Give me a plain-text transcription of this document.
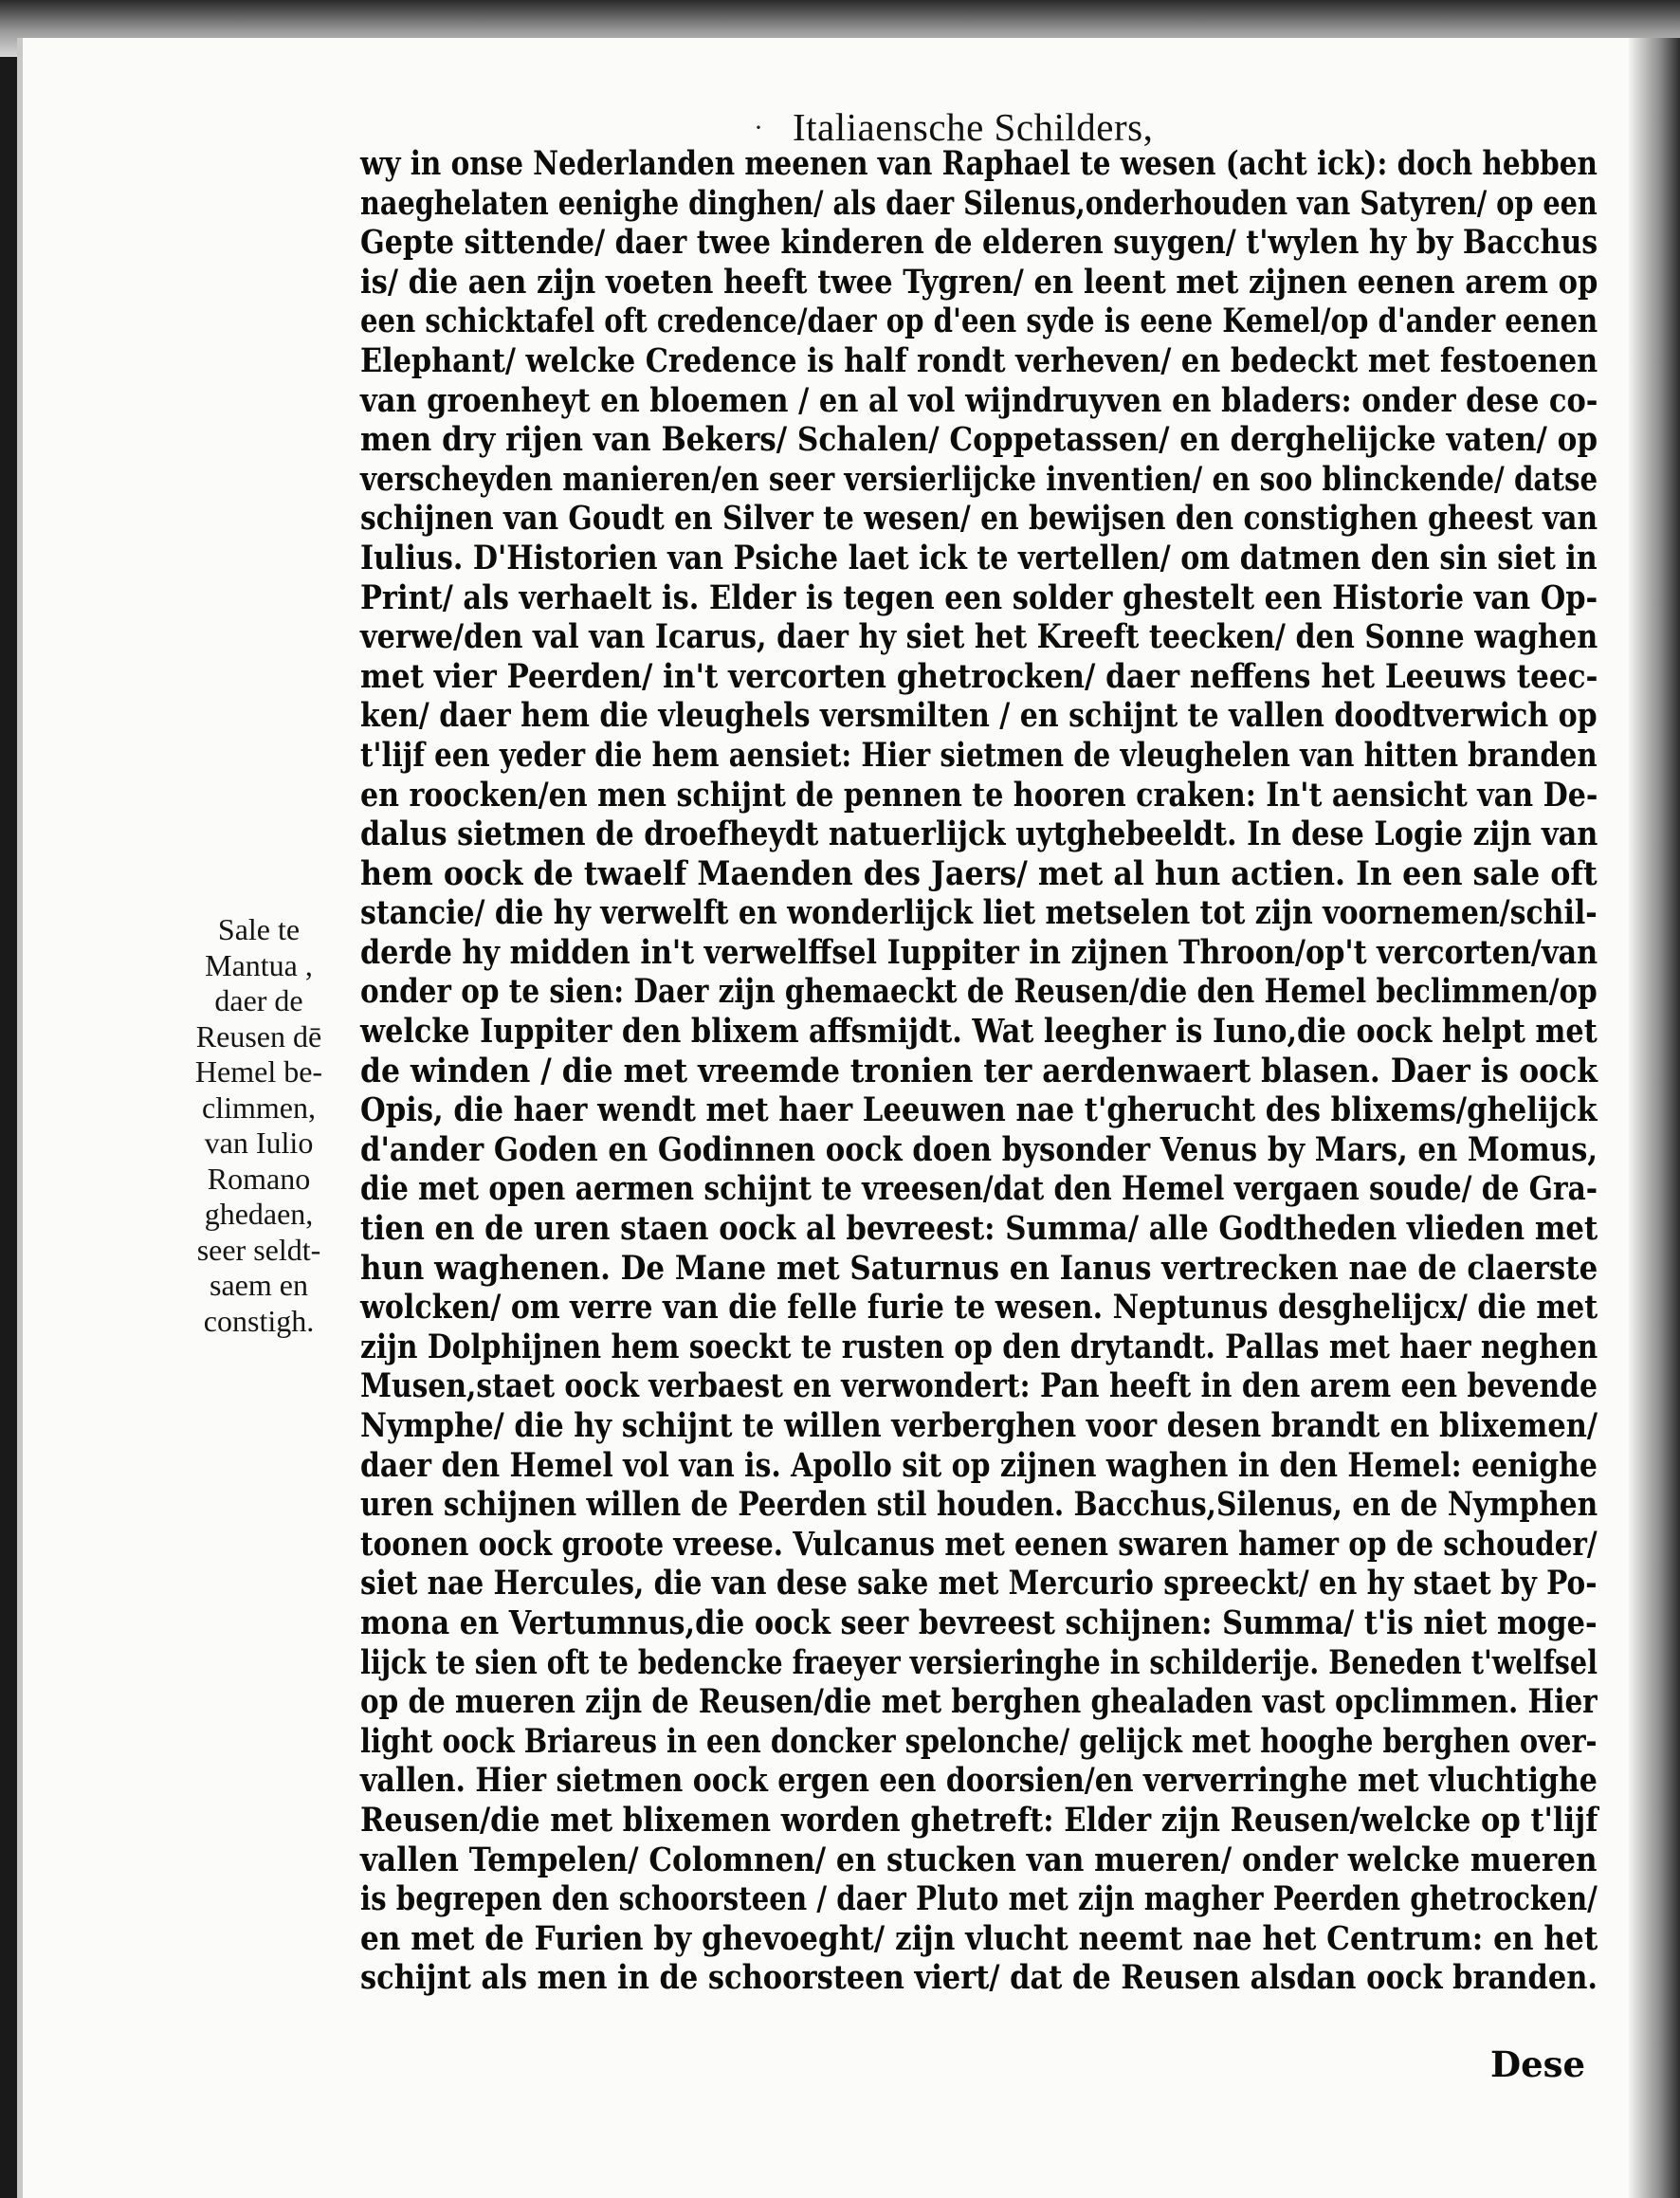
· Italiaensche Schilders,
Sale te
Mantua ,
daer de
Reusen dē
Hemel be-
climmen,
van Iulio
Romano
ghedaen,
seer seldt-
saem en
constigh.
wy in onse Nederlanden meenen van Raphael te wesen (acht ick): doch hebben
naeghelaten eenighe dinghen/ als daer Silenus,onderhouden van Satyren/ op een
Gepte sittende/ daer twee kinderen de elderen suygen/ t'wylen hy by Bacchus
is/ die aen zijn voeten heeft twee Tygren/ en leent met zijnen eenen arem op
een schicktafel oft credence/daer op d'een syde is eene Kemel/op d'ander eenen
Elephant/ welcke Credence is half rondt verheven/ en bedeckt met festoenen
van groenheyt en bloemen / en al vol wijndruyven en bladers: onder dese co-
men dry rijen van Bekers/ Schalen/ Coppetassen/ en derghelijcke vaten/ op
verscheyden manieren/en seer versierlijcke inventien/ en soo blinckende/ datse
schijnen van Goudt en Silver te wesen/ en bewijsen den constighen gheest van
Iulius. D'Historien van Psiche laet ick te vertellen/ om datmen den sin siet in
Print/ als verhaelt is. Elder is tegen een solder ghestelt een Historie van Op-
verwe/den val van Icarus, daer hy siet het Kreeft teecken/ den Sonne waghen
met vier Peerden/ in't vercorten ghetrocken/ daer neffens het Leeuws teec-
ken/ daer hem die vleughels versmilten / en schijnt te vallen doodtverwich op
t'lijf een yeder die hem aensiet: Hier sietmen de vleughelen van hitten branden
en roocken/en men schijnt de pennen te hooren craken: In't aensicht van De-
dalus sietmen de droefheydt natuerlijck uytghebeeldt. In dese Logie zijn van
hem oock de twaelf Maenden des Jaers/ met al hun actien. In een sale oft
stancie/ die hy verwelft en wonderlijck liet metselen tot zijn voornemen/schil-
derde hy midden in't verwelffsel Iuppiter in zijnen Throon/op't vercorten/van
onder op te sien: Daer zijn ghemaeckt de Reusen/die den Hemel beclimmen/op
welcke Iuppiter den blixem affsmijdt. Wat leegher is Iuno,die oock helpt met
de winden / die met vreemde tronien ter aerdenwaert blasen. Daer is oock
Opis, die haer wendt met haer Leeuwen nae t'gherucht des blixems/ghelijck
d'ander Goden en Godinnen oock doen bysonder Venus by Mars, en Momus,
die met open aermen schijnt te vreesen/dat den Hemel vergaen soude/ de Gra-
tien en de uren staen oock al bevreest: Summa/ alle Godtheden vlieden met
hun waghenen. De Mane met Saturnus en Ianus vertrecken nae de claerste
wolcken/ om verre van die felle furie te wesen. Neptunus desghelijcx/ die met
zijn Dolphijnen hem soeckt te rusten op den drytandt. Pallas met haer neghen
Musen,staet oock verbaest en verwondert: Pan heeft in den arem een bevende
Nymphe/ die hy schijnt te willen verberghen voor desen brandt en blixemen/
daer den Hemel vol van is. Apollo sit op zijnen waghen in den Hemel: eenighe
uren schijnen willen de Peerden stil houden. Bacchus,Silenus, en de Nymphen
toonen oock groote vreese. Vulcanus met eenen swaren hamer op de schouder/
siet nae Hercules, die van dese sake met Mercurio spreeckt/ en hy staet by Po-
mona en Vertumnus,die oock seer bevreest schijnen: Summa/ t'is niet moge-
lijck te sien oft te bedencke fraeyer versieringhe in schilderije. Beneden t'welfsel
op de mueren zijn de Reusen/die met berghen ghealaden vast opclimmen. Hier
light oock Briareus in een doncker spelonche/ gelijck met hooghe berghen over-
vallen. Hier sietmen oock ergen een doorsien/en ververringhe met vluchtighe
Reusen/die met blixemen worden ghetreft: Elder zijn Reusen/welcke op t'lijf
vallen Tempelen/ Colomnen/ en stucken van mueren/ onder welcke mueren
is begrepen den schoorsteen / daer Pluto met zijn magher Peerden ghetrocken/
en met de Furien by ghevoeght/ zijn vlucht neemt nae het Centrum: en het
schijnt als men in de schoorsteen viert/ dat de Reusen alsdan oock branden.
Dese
